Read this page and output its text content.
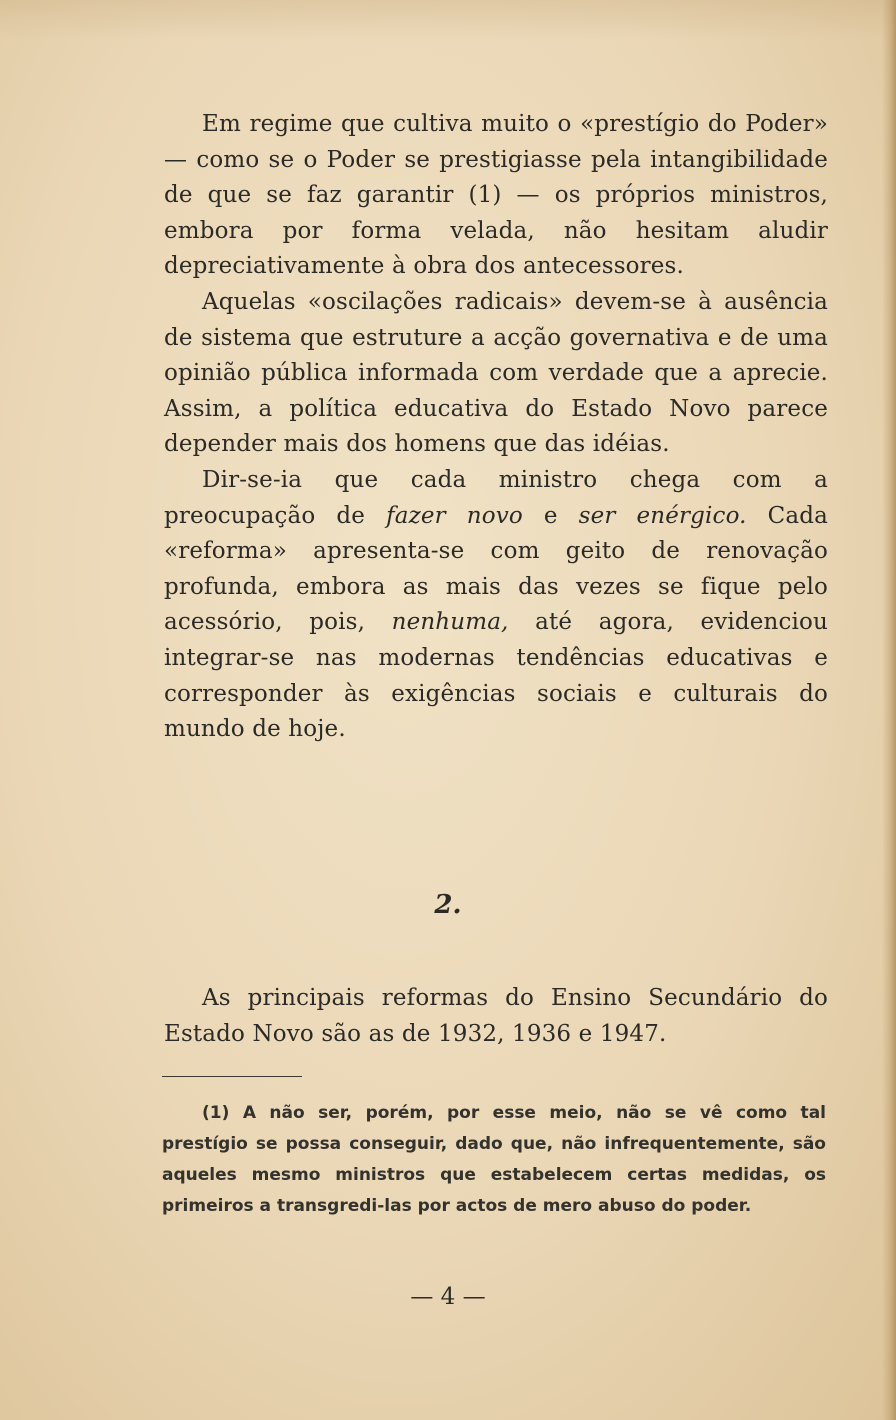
Em regime que cultiva muito o «prestígio do Poder» — como se o Poder se prestigiasse pela intangibilidade de que se faz garantir (1) — os próprios ministros, embora por forma velada, não hesitam aludir depreciativamente à obra dos antecessores.

Aquelas «oscilações radicais» devem-se à ausência de sistema que estruture a acção governativa e de uma opinião pública informada com verdade que a aprecie. Assim, a política educativa do Estado Novo parece depender mais dos homens que das idéias.

Dir-se-ia que cada ministro chega com a preocupação de fazer novo e ser enérgico. Cada «reforma» apresenta-se com geito de renovação profunda, embora as mais das vezes se fique pelo acessório, pois, nenhuma, até agora, evidenciou integrar-se nas modernas tendências educativas e corresponder às exigências sociais e culturais do mundo de hoje.

2.

As principais reformas do Ensino Secundário do Estado Novo são as de 1932, 1936 e 1947.

(1) A não ser, porém, por esse meio, não se vê como tal prestígio se possa conseguir, dado que, não infrequentemente, são aqueles mesmo ministros que estabelecem certas medidas, os primeiros a transgredi-las por actos de mero abuso do poder.

— 4 —
